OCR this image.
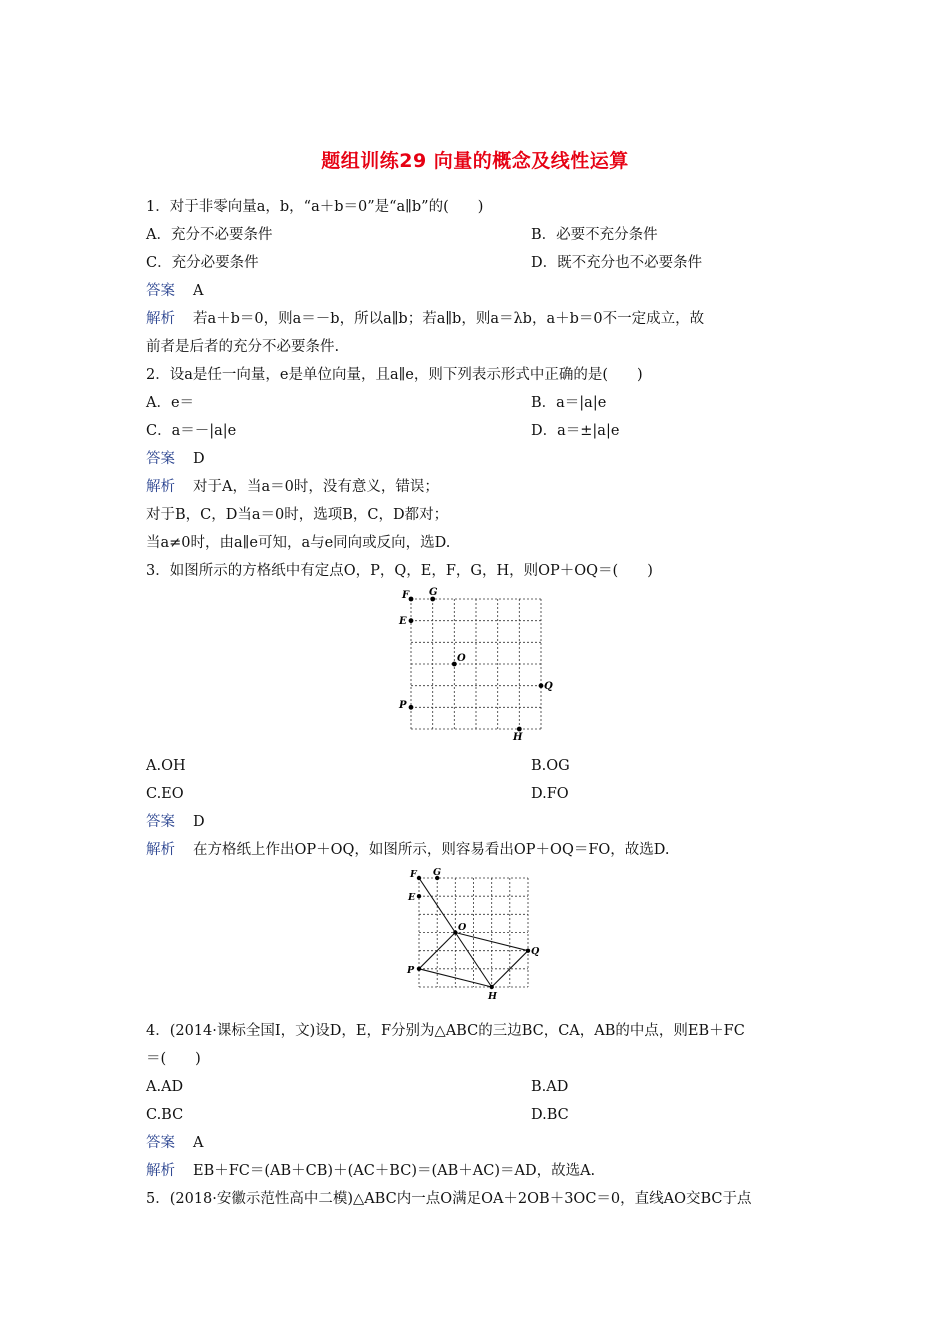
题组训练29 向量的概念及线性运算
1．对于非零向量a，b，“a＋b＝0”是“a∥b”的(　　)
A．充分不必要条件	B．必要不充分条件
C．充分必要条件	D．既不充分也不必要条件
答案 A
解析 若a＋b＝0，则a＝－b，所以a∥b；若a∥b，则a＝λb，a＋b＝0不一定成立，故
前者是后者的充分不必要条件.
2．设a是任一向量，e是单位向量，且a∥e，则下列表示形式中正确的是(　　)
A．e＝	B．a＝|a|e
C．a＝－|a|e	D．a＝±|a|e
答案 D
解析 对于A，当a＝0时，没有意义，错误；
对于B，C，D当a＝0时，选项B，C，D都对；
当a≠0时，由a∥e可知，a与e同向或反向，选D.
3．如图所示的方格纸中有定点O，P，Q，E，F，G，H，则OP＋OQ＝(　　)
F G
E
O
Q
P
H
A.OH	B.OG
C.EO	D.FO
答案 D
解析 在方格纸上作出OP＋OQ，如图所示，则容易看出OP＋OQ＝FO，故选D.
F G
E
O
Q
P
H
4．(2014·课标全国Ⅰ，文)设D，E，F分别为△ABC的三边BC，CA，AB的中点，则EB＋FC
＝(　　)
A.AD	B.AD
C.BC	D.BC
答案 A
解析 EB＋FC＝(AB＋CB)＋(AC＋BC)＝(AB＋AC)＝AD，故选A.
5．(2018·安徽示范性高中二模)△ABC内一点O满足OA＋2OB＋3OC＝0，直线AO交BC于点
